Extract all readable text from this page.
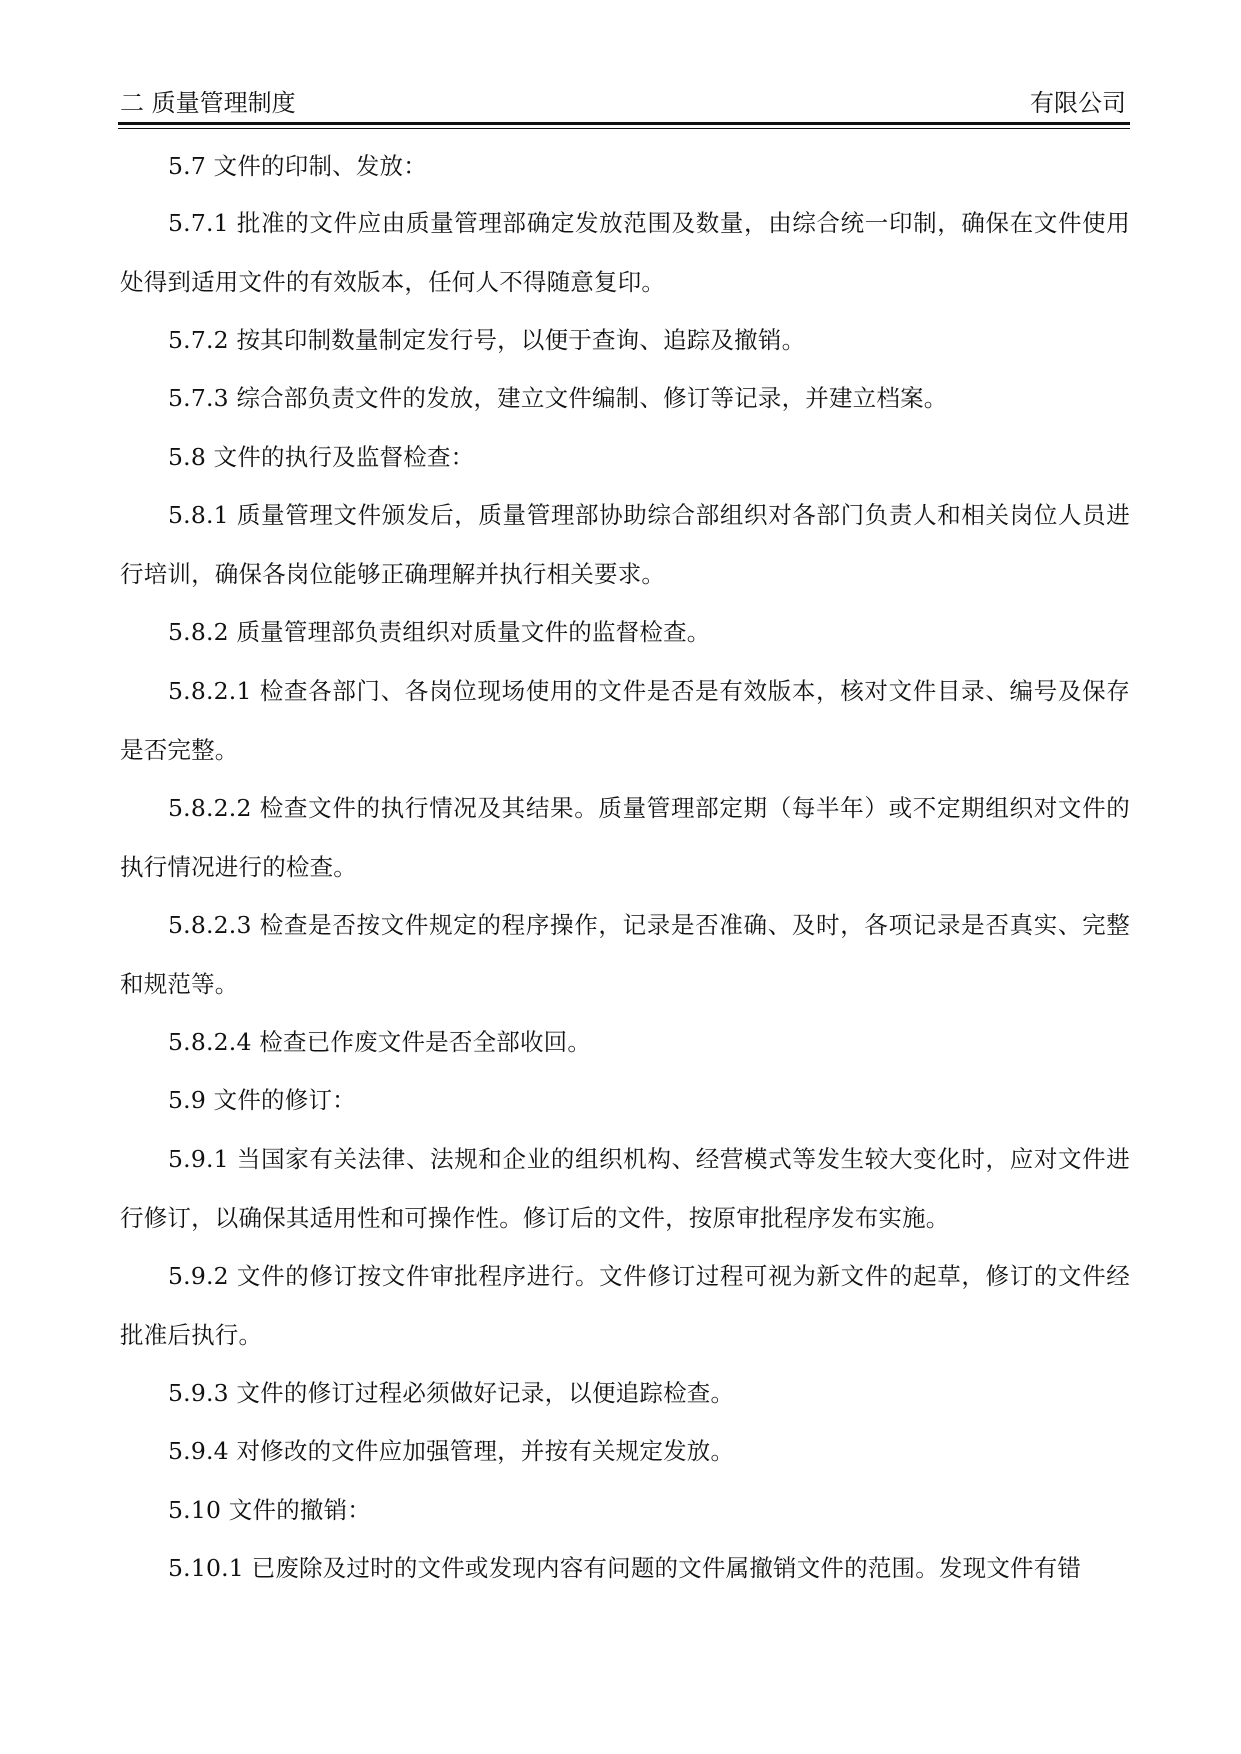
二 质量管理制度	有限公司

5.7 文件的印制、发放：

5.7.1 批准的文件应由质量管理部确定发放范围及数量，由综合统一印制，确保在文件使用处得到适用文件的有效版本，任何人不得随意复印。

5.7.2 按其印制数量制定发行号，以便于查询、追踪及撤销。

5.7.3 综合部负责文件的发放，建立文件编制、修订等记录，并建立档案。

5.8 文件的执行及监督检查：

5.8.1 质量管理文件颁发后，质量管理部协助综合部组织对各部门负责人和相关岗位人员进行培训，确保各岗位能够正确理解并执行相关要求。

5.8.2 质量管理部负责组织对质量文件的监督检查。

5.8.2.1 检查各部门、各岗位现场使用的文件是否是有效版本，核对文件目录、编号及保存是否完整。

5.8.2.2 检查文件的执行情况及其结果。质量管理部定期（每半年）或不定期组织对文件的执行情况进行的检查。

5.8.2.3 检查是否按文件规定的程序操作，记录是否准确、及时，各项记录是否真实、完整和规范等。

5.8.2.4 检查已作废文件是否全部收回。

5.9 文件的修订：

5.9.1 当国家有关法律、法规和企业的组织机构、经营模式等发生较大变化时，应对文件进行修订，以确保其适用性和可操作性。修订后的文件，按原审批程序发布实施。

5.9.2 文件的修订按文件审批程序进行。文件修订过程可视为新文件的起草，修订的文件经批准后执行。

5.9.3 文件的修订过程必须做好记录，以便追踪检查。

5.9.4 对修改的文件应加强管理，并按有关规定发放。

5.10 文件的撤销：

5.10.1 已废除及过时的文件或发现内容有问题的文件属撤销文件的范围。发现文件有错
